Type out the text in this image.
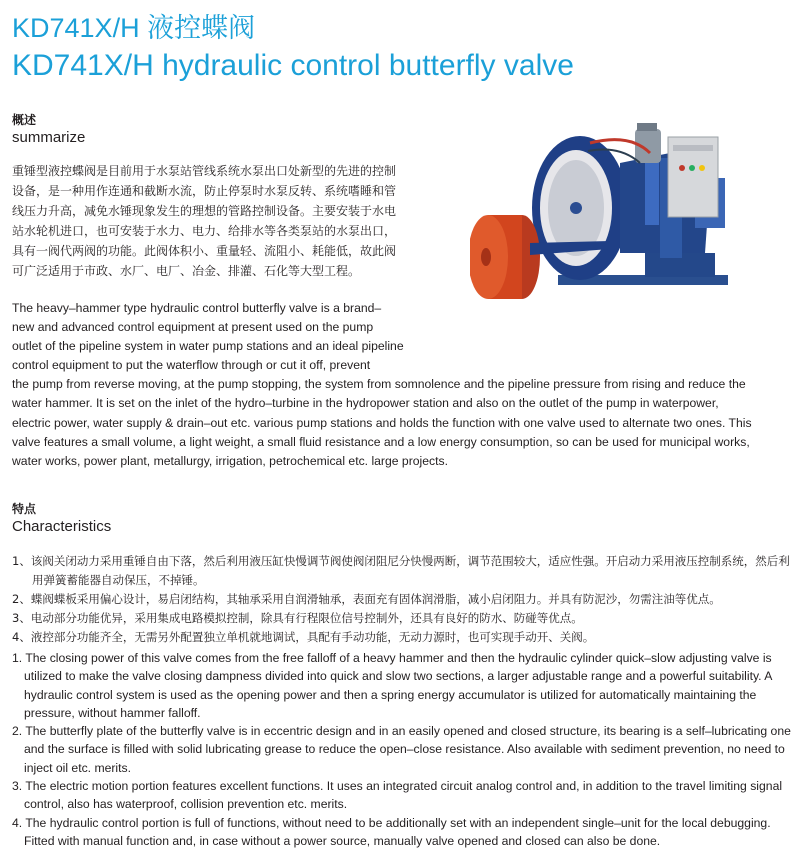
KD741X/H 液控蝶阀
KD741X/H hydraulic control butterfly valve
概述
summarize
重锤型液控蝶阀是目前用于水泵站管线系统水泵出口处新型的先进的控制设备，是一种用作连通和截断水流，防止停泵时水泵反转、系统嗜睡和管线压力升高，减免水锤现象发生的理想的管路控制设备。主要安装于水电站水轮机进口，也可安装于水力、电力、给排水等各类泵站的水泵出口，具有一阀代两阀的功能。此阀体积小、重量轻、流阻小、耗能低，故此阀可广泛适用于市政、水厂、电厂、冶金、排灌、石化等大型工程。
The heavy–hammer type hydraulic control butterfly valve is a brand–
new and advanced control equipment at present used on the pump
outlet of the pipeline system in water pump stations and an ideal pipeline
control equipment to put the waterflow through or cut it off, prevent
the pump from reverse moving, at the pump stopping, the system from somnolence and the pipeline pressure from rising and reduce the
water hammer. It is set on the inlet of the hydro–turbine in the hydropower station and also on the outlet of the pump in waterpower,
electric power, water supply & drain–out etc. various pump stations and holds the function with one valve used to alternate two ones. This
valve features a small volume, a light weight, a small fluid resistance and a low energy consumption, so can be used for municipal works,
water works, power plant, metallurgy, irrigation, petrochemical etc. large projects.
特点
Characteristics
1、该阀关闭动力采用重锤自由下落，然后利用液压缸快慢调节阀使阀闭阻尼分快慢两断，调节范围较大，适应性强。开启动力采用液压控制系统，然后利用弹簧蓄能器自动保压，不掉锤。
2、蝶阀蝶板采用偏心设计，易启闭结构，其轴承采用自润滑轴承，表面充有固体润滑脂，减小启闭阻力。并具有防泥沙，勿需注油等优点。
3、电动部分功能优异，采用集成电路模拟控制，除具有行程限位信号控制外，还具有良好的防水、防碰等优点。
4、液控部分功能齐全，无需另外配置独立单机就地调试，具配有手动功能，无动力源时，也可实现手动开、关阀。
1. The closing power of this valve comes from the free falloff of a heavy hammer and then the hydraulic cylinder quick–slow adjusting valve is utilized to make the valve closing dampness divided into quick and slow two sections, a larger adjustable range and a powerful suitability. A hydraulic control system is used as the opening power and then a spring energy accumulator is utilized for automatically maintaining the pressure, without hammer falloff.
2. The butterfly plate of the butterfly valve is in eccentric design and in an easily opened and closed structure, its bearing is a self–lubricating one and the surface is filled with solid lubricating grease to reduce the open–close resistance. Also available with sediment prevention, no need to inject oil etc. merits.
3. The electric motion portion features excellent functions. It uses an integrated circuit analog control and, in addition to the travel limiting signal control, also has waterproof, collision prevention etc. merits.
4. The hydraulic control portion is full of functions, without need to be additionally set with an independent single–unit for the local debugging. Fitted with manual function and, in case without a power source, manually valve opened and closed can also be done.
